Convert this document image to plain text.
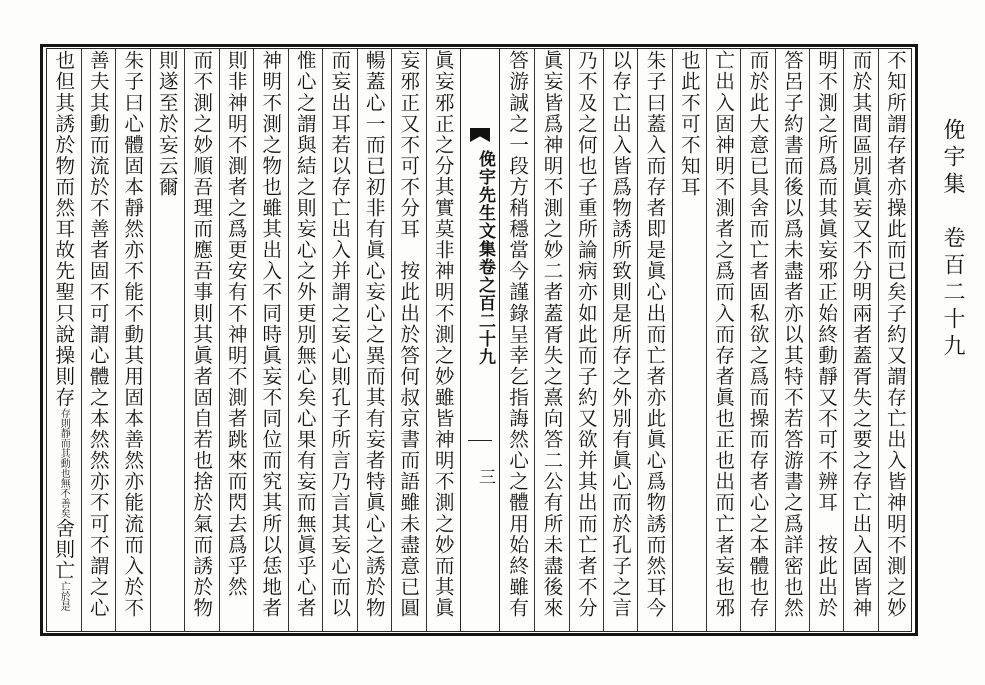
俛宇集　卷百二十九
俛宇先生文集卷之百二十九
三	不知所謂存者亦操此而已矣子約又謂存亡出入皆神明不測之妙
而於其間區別眞妄又不分明兩者蓋胥失之要之存亡出入固皆神
明不測之所爲而其眞妄邪正始終動靜又不可不辨耳　按此出於
答呂子約書而後以爲未盡者亦以其特不若答游書之爲詳密也然
而於此大意已具舍而亡者固私欲之爲而操而存者心之本體也存
亡出入固神明不測者之爲而入而存者眞也正也出而亡者妄也邪
也此不可不知耳
朱子曰蓋入而存者即是眞心出而亡者亦此眞心爲物誘而然耳今
以存亡出入皆爲物誘所致則是所存之外別有眞心而於孔子之言
乃不及之何也子重所論病亦如此而子約又欲并其出而亡者不分
眞妄皆爲神明不測之妙二者蓋胥失之熹向答二公有所未盡後來
答游誠之一段方稍穩當今謹錄呈幸乞指誨然心之體用始終雖有
眞妄邪正之分其實莫非神明不測之妙雖皆神明不測之妙而其眞
妄邪正又不可不分耳　按此出於答何叔京書而語雖未盡意已圓
暢蓋心一而已初非有眞心妄心之異而其有妄者特眞心之誘於物
而妄出耳若以存亡出入并謂之妄心則孔子所言乃言其妄心而以
惟心之謂與結之則妄心之外更別無心矣心果有妄而無眞乎心者
神明不測之物也雖其出入不同時眞妄不同位而究其所以恁地者
則非神明不測者之爲更安有不神明不測者跳來而閃去爲乎然
而不測之妙順吾理而應吾事則其眞者固自若也捨於氣而誘於物
則遂至於妄云爾
朱子曰心體固本靜然亦不能不動其用固本善然亦能流而入於不
善夫其動而流於不善者固不可謂心體之本然然亦不可不謂之心
也但其誘於物而然耳故先聖只說操則存存則靜而其動也無不善矣舍則亡亡於是
